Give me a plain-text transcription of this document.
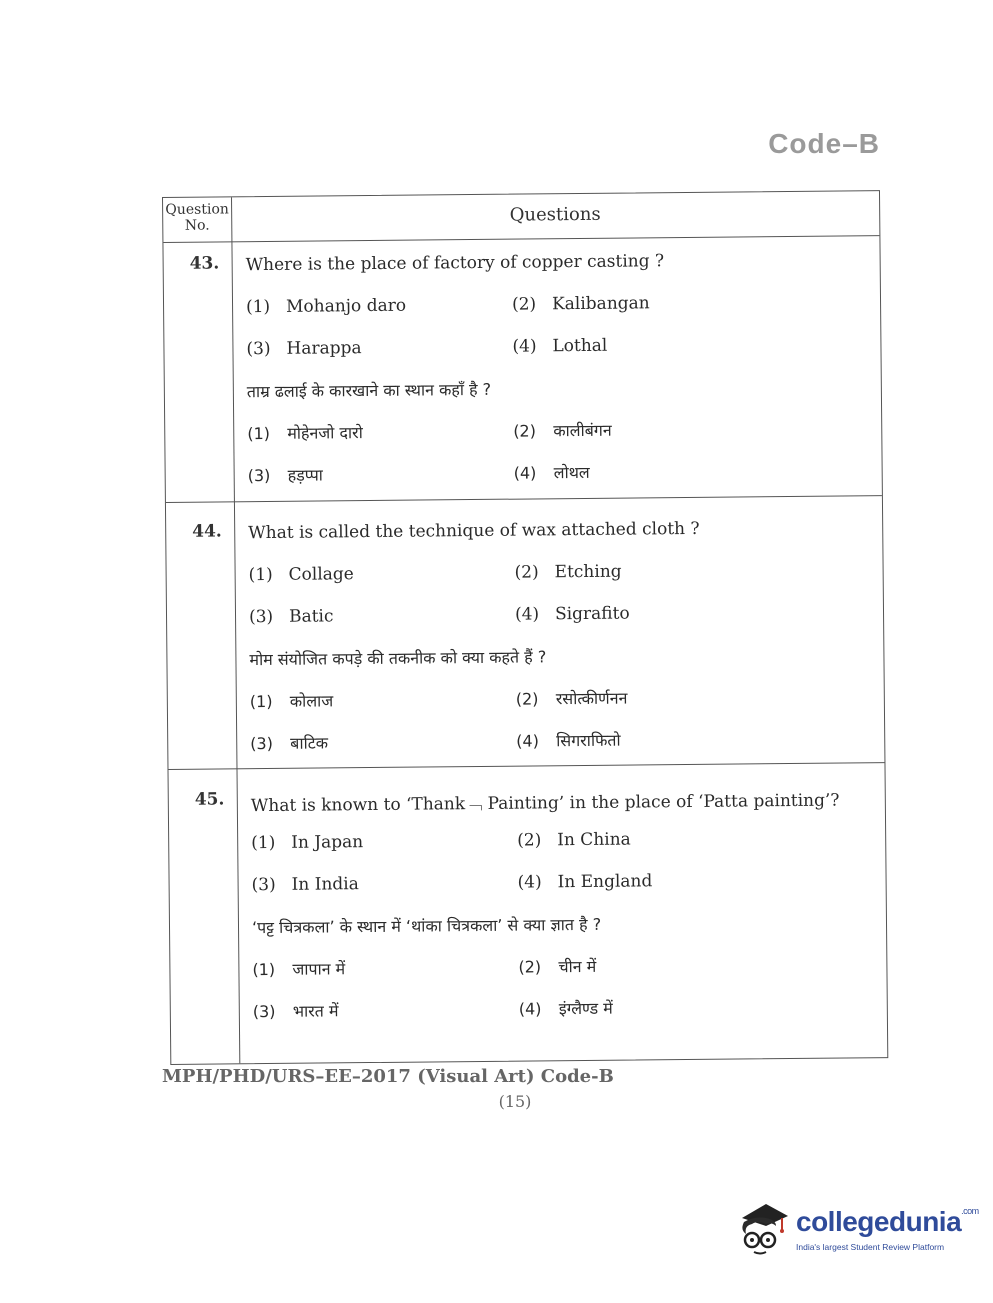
Code–B
Question No.
Questions
43. Where is the place of factory of copper casting ?
(1) Mohanjo daro	(2) Kalibangan
(3) Harappa	(4) Lothal
ताम्र ढलाई के कारखाने का स्थान कहाँ है ?
(1) मोहेनजो दारो	(2) कालीबंगन
(3) हड़प्पा	(4) लोथल
44. What is called the technique of wax attached cloth ?
(1) Collage	(2) Etching
(3) Batic	(4) Sigrafito
मोम संयोजित कपड़े की तकनीक को क्या कहते हैं ?
(1) कोलाज	(2) रसोत्कीर्णनन
(3) बाटिक	(4) सिगराफितो
45. What is known to ‘Thank﹁ Painting’ in the place of ‘Patta painting’?
(1) In Japan	(2) In China
(3) In India	(4) In England
‘पट्ट चित्रकला’ के स्थान में ‘थांका चित्रकला’ से क्या ज्ञात है ?
(1) जापान में	(2) चीन में
(3) भारत में	(4) इंग्लैण्ड में
MPH/PHD/URS–EE–2017 (Visual Art) Code-B
(15)
collegedunia$^{.com}$
India's largest Student Review Platform
